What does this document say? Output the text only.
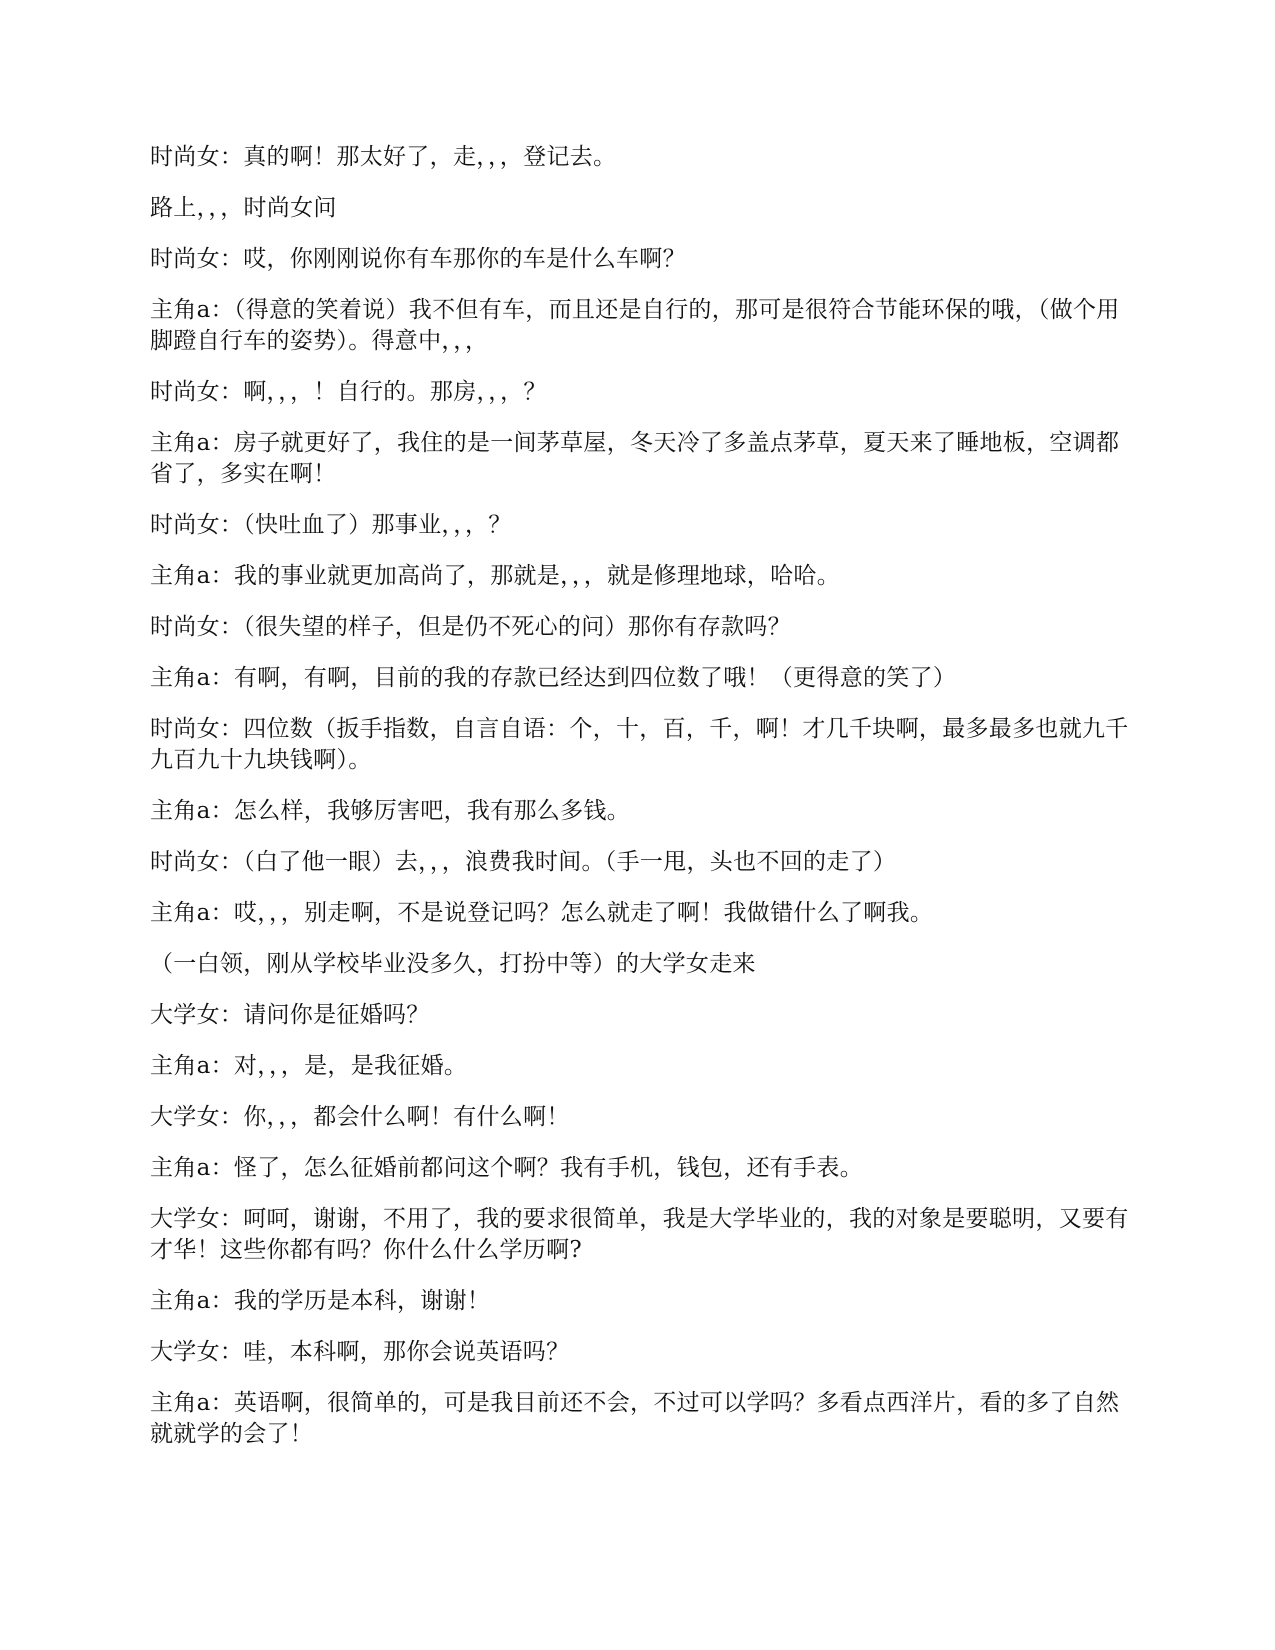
时尚女：真的啊！那太好了，走，，，登记去。

路上，，，时尚女问

时尚女：哎，你刚刚说你有车那你的车是什么车啊？

主角a：（得意的笑着说）我不但有车，而且还是自行的，那可是很符合节能环保的哦，（做个用脚蹬自行车的姿势）。得意中，，，

时尚女：啊，，，！自行的。那房，，，？

主角a：房子就更好了，我住的是一间茅草屋，冬天冷了多盖点茅草，夏天来了睡地板，空调都省了，多实在啊！

时尚女：（快吐血了）那事业，，，？

主角a：我的事业就更加高尚了，那就是，，，就是修理地球，哈哈。

时尚女：（很失望的样子，但是仍不死心的问）那你有存款吗？

主角a：有啊，有啊，目前的我的存款已经达到四位数了哦！（更得意的笑了）

时尚女：四位数（扳手指数，自言自语：个，十，百，千，啊！才几千块啊，最多最多也就九千九百九十九块钱啊）。

主角a：怎么样，我够厉害吧，我有那么多钱。

时尚女：（白了他一眼）去，，，浪费我时间。（手一甩，头也不回的走了）

主角a：哎，，，别走啊，不是说登记吗？怎么就走了啊！我做错什么了啊我。

（一白领，刚从学校毕业没多久，打扮中等）的大学女走来

大学女：请问你是征婚吗？

主角a：对，，，是，是我征婚。

大学女：你，，，都会什么啊！有什么啊！

主角a：怪了，怎么征婚前都问这个啊？我有手机，钱包，还有手表。

大学女：呵呵，谢谢，不用了，我的要求很简单，我是大学毕业的，我的对象是要聪明，又要有才华！这些你都有吗？你什么什么学历啊?

主角a：我的学历是本科，谢谢！

大学女：哇，本科啊，那你会说英语吗？

主角a：英语啊，很简单的，可是我目前还不会，不过可以学吗？多看点西洋片，看的多了自然就就学的会了！
